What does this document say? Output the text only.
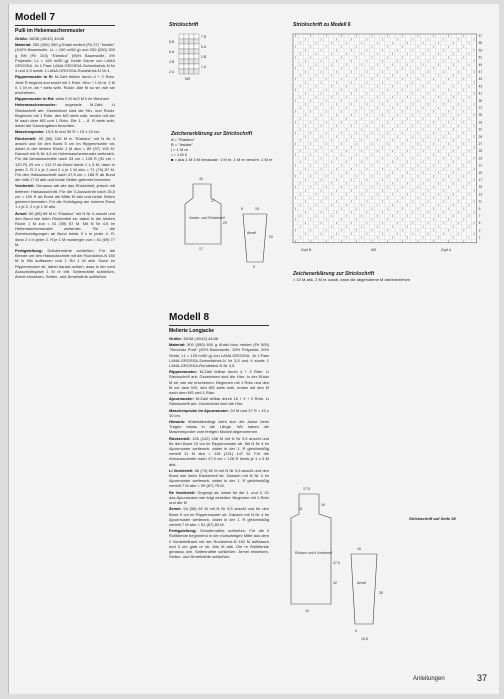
Modell 7
Pulli im Hebemaschenmuster
Größe: 36/38 (40/42) 44/46
Material: 250 (300) 350 g Khaki meliert (Fb 27) "Insider" (100% Baumwolle, LL = 150 m/50 g) und 200 (250) 300 g Kitt (Fb 103) "Elastico" (96% Baumwolle, 4% Polyester, LL = 160 m/50 g); beide Garne von LANA GROSSA. Je 1 Paar LANA-GROSSA-Schnellstrick-N Nr 4 und 4,5 sowie 1 LANA-GROSSA-Rundstrick-N Nr 4.
Rippenmuster in R: M-Zahl teilbar durch 4 + 2 Rdm. Jede R beginnt und endet mit 1 Rdm. Hinr: * 1 M re, 2 M li, 1 M re, ab * stets wdh. Rückr: Alle M so str, wie sie erscheinen.
Rippenmuster in Rd: stets 2 M re/2 M li im Wechsel.
Hebemaschenmuster: ungerade M-Zahl. Lt Strickschrift arb. Gezeichnet sind die Hin- und Rückr. Beginnen mit 1 Rdm, den MS stets wdh, enden mit der M nach dem MS und 1 Rdm. Die 1. – 8. R stets wdh, dabei die Garnangaben beachten.
Maschenprobe: 19,5 M und 39 R = 10 x 10 cm.
Rückenteil: 90 (98) 106 M in "Elastico" mit N Nr 4 anschl und für den Bund 5 cm im Rippenmuster str, dabei in der letzten Rückr 1 M abn = 89 (97) 105 M. Danach mit N Nr 4,5 im Hebemaschenmuster weiterarb. Für die Armausschnitte nach 33 cm = 128 R (31 cm = 120 R) 29 cm = 112 R ab Bund beids 1 x 3 M, dann in jeder 2. R 2 x je 2 und 2 x je 1 M abn = 71 (79) 87 M. Für den Halsausschnitt nach 47,5 cm = 186 R ab Bund die mittl 17 M abk und beide Seiten getrennt beenden.
Vorderteil: Genauso arb wie das Rückenteil, jedoch mit tieferem Halsausschnitt. Für die V-Ausschnitt nach 25,5 cm = 100 R ab Bund die Mitte M abk und beide Seiten getrennt beenden. Für die Schrägung am inneren Rand 1 x je 2, 2 x je 1 M abn.
Ärmel: 50 (58) 66 M in "Elastico" mit N Nr 4 anschl und den Bund wie beim Rückenteil str, dabei in der letzten Rückr 1 M zun = 51 (59) 67 M. Mit N Nr 4,5 im Hebemaschenmuster weiterarb. Für die Ärmelschrägungen ab Bund beids 3 x in jeder 4. R, dann 2 x in jeder 2. R je 1 M musterger zun = 61 (69) 77 M.
Fertigstellung: Schulternähte schließen. Für die Blende um den Halsausschnitt mit der Rundstrick-N 150 M in Kitt auffassen und 1 Rd 1 M abk. Dann im Rippenmuster str, dabei darauf achten, dass in der vord Ausschnittspitze 1 M re tritt. Seitennähte schließen, Ärmel einsetzen, Seiten- und Ärmelnähte schließen.
Strickschrift
7 B
5 A
3 B
1 A
8 B
6 A
4 B
2 A
MS
Zeichenerklärung zur Strickschrift
A = "Elastico"
B = "Insider"
| = 1 M re
• = 1 M li
■ = aus 1 M 3 M herausstr: 1 M re, 1 M re verschr, 1 M re
Vorder- und Rückenteil
Ärmel
40
23
17
27
8	15
20
5
Strickschrift zu Modell 6
57
55
53
51
49
47
45
43
41
39
37
35
33
31
29
27
25
23
21
19
17
15
13
11
9
7
5
3
1
Zopf B	MS	Zopf A
Zeichenerklärung zur Strickschrift
= 10 M abk, 2 M re zusstr, dann die abgehobene M darüberziehen
Modell 8
Melierte Longjacke
Größe: 36/38 (40/42) 44/46
Material: 500 (550) 600 g Khaki blau meliert (Fb 509) "Secondo Print" (50% Baumwolle, 25% Polyamid, 20% Seide, LL = 125 m/50 g) von LANA GROSSA. Je 1 Paar LANA-GROSSA-Schnellstrick-N Nr 3,5 und 4 sowie 1 LANA-GROSSA-Rundstrick-N Nr 3,5.
Rippenmuster: M-Zahl teilbar durch 4 + 2 Rdm. Li Strickschrift arb. Gezeichnet sind die Hinr. In der Rückr M str, wie sie erscheinen. Beginnen mit 1 Rdm und den M vor dem MS, den MS stets wdh, enden mit den M nach dem MS und 1 Rdm.
Ajourmuster: M-Zahl teilbar durch 16 + 1 + 2 Rdm. Lt Strickschrift arb. Gezeichnet sind die Hinr.
Maschenprobe im Ajourmuster: 24 M und 27 R = 10 x 10 cm.
Hinweis: Materialbedingt zieht sich die Jacke beim Tragen etwas in die Länge. Wir haben die Maschenprobe vom fertigen Modell abgenommen.
Rückenteil: 126 (142) 158 M mit N Nr 3,5 anschl und für den Bund 10 cm im Rippenmuster str. Mit N Nr 4 im Ajourmuster weiterarb, dabei in der 1. R gleichmäßig verteilt 11 M abn = 115 (131) 147 M. Für die Armausschnitte nach 47,5 cm = 128 R beids je 1 x 5 M abk.
Li Vorderteil: 66 (74) 82 M mit N Nr 3,5 anschl und den Bund wie beim Rückenteil str. Danach mit N Nr 4 im Ajourmuster weiterarb, dabei in der 1. R gleichmäßig verteilt 7 M abn = 59 (67) 75 M.
Re Vorderteil: Gegengl str, dabei für die 1. und 3. Gr das Ajourmuster wie folgt einteilen: Beginnen mit 1 Rdm und der M
Ärmel: 54 (58) 62 M mit N Nr 3,5 anschl und für den Bund 9 cm im Rippenmuster str. Danach mit N Nr 4 im Ajourmuster weiterarb, dabei in der 1. R gleichmäßig verteilt 7 M abn = 51 (67) 83 M.
Fertigstellung: Schulternähte schließen. Für die li Rollblende beginnend in der rückwärtigen Mitte aus dem li Vorderteilrand mit der Rundstrick-N 162 M auffassen und 3 cm glatt re str. Alle M abk. Die re Rollblende genauso arb. Seitennähte schließen. Ärmel einsetzen, Seiten- und Ärmelnähte schließen.
Rücken und li Vorderteil
Ärmel
17,5
16
11
47,5
42
10
16
28
5
15,5
Strickschrift auf Seite 38
Anleitungen	37
